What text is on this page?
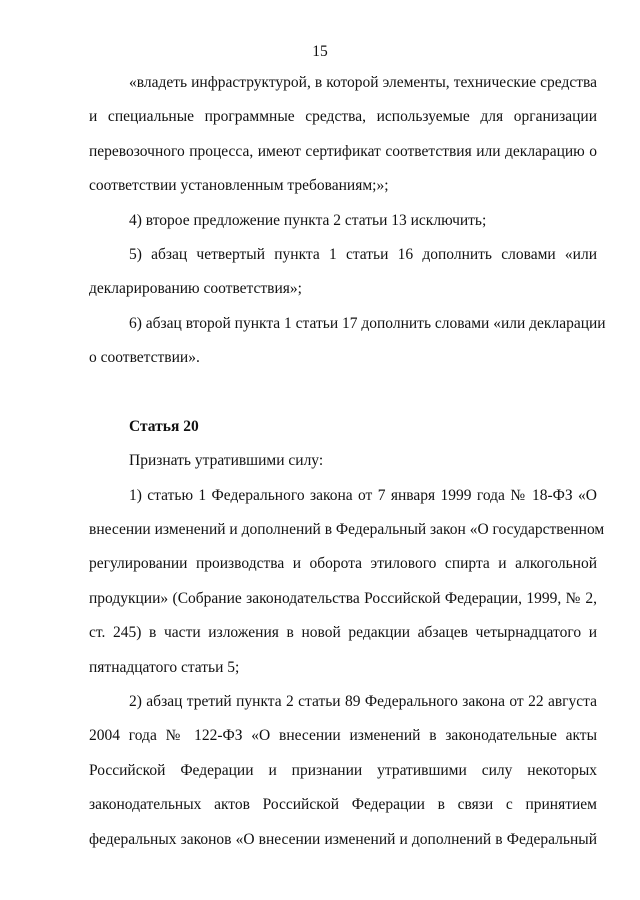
15
«владеть инфраструктурой, в которой элементы, технические средства
и специальные программные средства, используемые для организации
перевозочного процесса, имеют сертификат соответствия или декларацию о
соответствии установленным требованиям;»;
4) второе предложение пункта 2 статьи 13 исключить;
5) абзац четвертый пункта 1 статьи 16 дополнить словами «или
декларированию соответствия»;
6) абзац второй пункта 1 статьи 17 дополнить словами «или декларации
о соответствии».
Статья 20
Признать утратившими силу:
1) статью 1 Федерального закона от 7 января 1999 года № 18-ФЗ «О
внесении изменений и дополнений в Федеральный закон «О государственном
регулировании производства и оборота этилового спирта и алкогольной
продукции» (Собрание законодательства Российской Федерации, 1999, № 2,
ст. 245) в части изложения в новой редакции абзацев четырнадцатого и
пятнадцатого статьи 5;
2) абзац третий пункта 2 статьи 89 Федерального закона от 22 августа
2004 года № 122-ФЗ «О внесении изменений в законодательные акты
Российской Федерации и признании утратившими силу некоторых
законодательных актов Российской Федерации в связи с принятием
федеральных законов «О внесении изменений и дополнений в Федеральный
